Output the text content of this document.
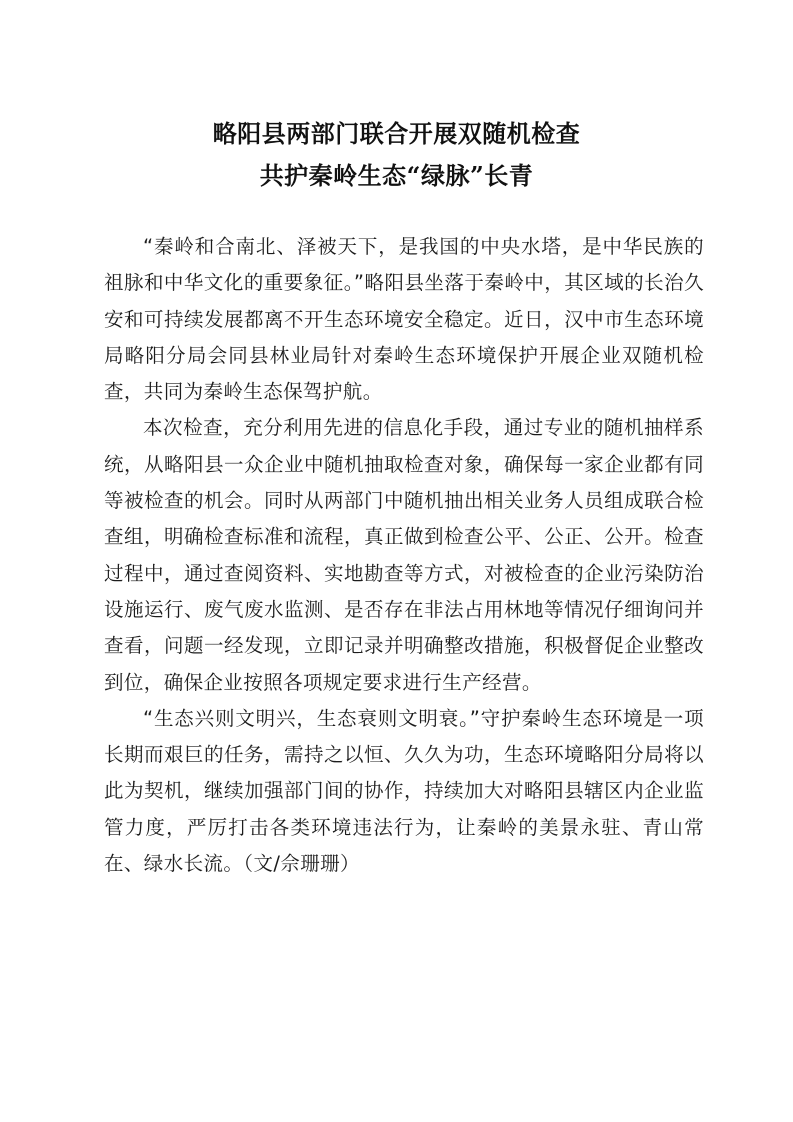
略阳县两部门联合开展双随机检查
共护秦岭生态“绿脉”长青

“秦岭和合南北、泽被天下，是我国的中央水塔，是中华民族的祖脉和中华文化的重要象征。”略阳县坐落于秦岭中，其区域的长治久安和可持续发展都离不开生态环境安全稳定。近日，汉中市生态环境局略阳分局会同县林业局针对秦岭生态环境保护开展企业双随机检查，共同为秦岭生态保驾护航。

本次检查，充分利用先进的信息化手段，通过专业的随机抽样系统，从略阳县一众企业中随机抽取检查对象，确保每一家企业都有同等被检查的机会。同时从两部门中随机抽出相关业务人员组成联合检查组，明确检查标准和流程，真正做到检查公平、公正、公开。检查过程中，通过查阅资料、实地勘查等方式，对被检查的企业污染防治设施运行、废气废水监测、是否存在非法占用林地等情况仔细询问并查看，问题一经发现，立即记录并明确整改措施，积极督促企业整改到位，确保企业按照各项规定要求进行生产经营。

“生态兴则文明兴，生态衰则文明衰。”守护秦岭生态环境是一项长期而艰巨的任务，需持之以恒、久久为功，生态环境略阳分局将以此为契机，继续加强部门间的协作，持续加大对略阳县辖区内企业监管力度，严厉打击各类环境违法行为，让秦岭的美景永驻、青山常在、绿水长流。（文/佘珊珊）
